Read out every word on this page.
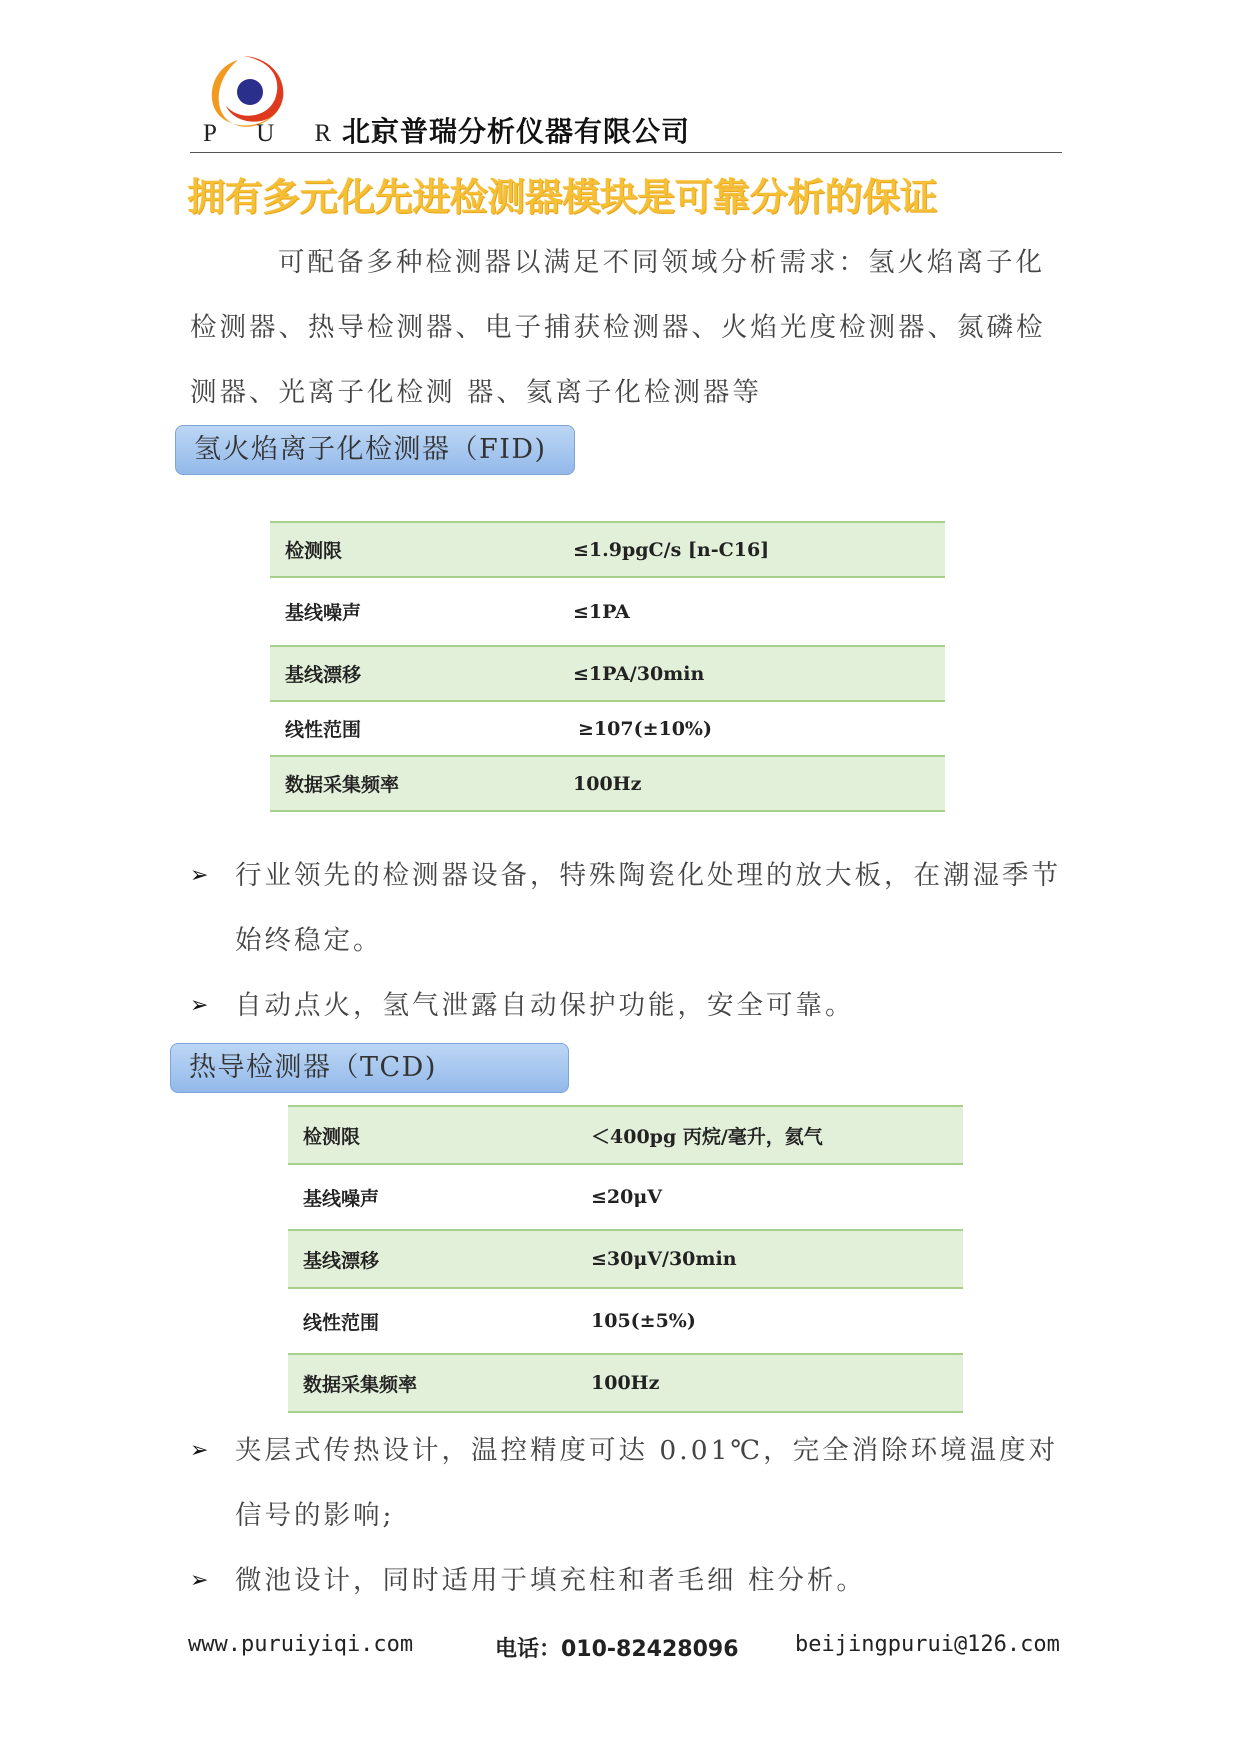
P U R I
北京普瑞分析仪器有限公司
拥有多元化先进检测器模块是可靠分析的保证
可配备多种检测器以满足不同领域分析需求：氢火焰离子化检测器、热导检测器、电子捕获检测器、火焰光度检测器、氮磷检测器、光离子化检测 器、氦离子化检测器等
氢火焰离子化检测器（FID)
检测限	≤1.9pgC/s [n-C16]
基线噪声	≤1PA
基线漂移	≤1PA/30min
线性范围	≥107(±10%)
数据采集频率	100Hz
➢ 行业领先的检测器设备，特殊陶瓷化处理的放大板，在潮湿季节始终稳定。
➢ 自动点火，氢气泄露自动保护功能，安全可靠。
热导检测器（TCD)
检测限	＜400pg 丙烷/毫升，氦气
基线噪声	≤20μV
基线漂移	≤30μV/30min
线性范围	105(±5%)
数据采集频率	100Hz
➢ 夹层式传热设计，温控精度可达 0.01℃，完全消除环境温度对 信号的影响;
➢ 微池设计，同时适用于填充柱和者毛细 柱分析。
www.puruiyiqi.com	电话：010-82428096	beijingpurui@126.com
